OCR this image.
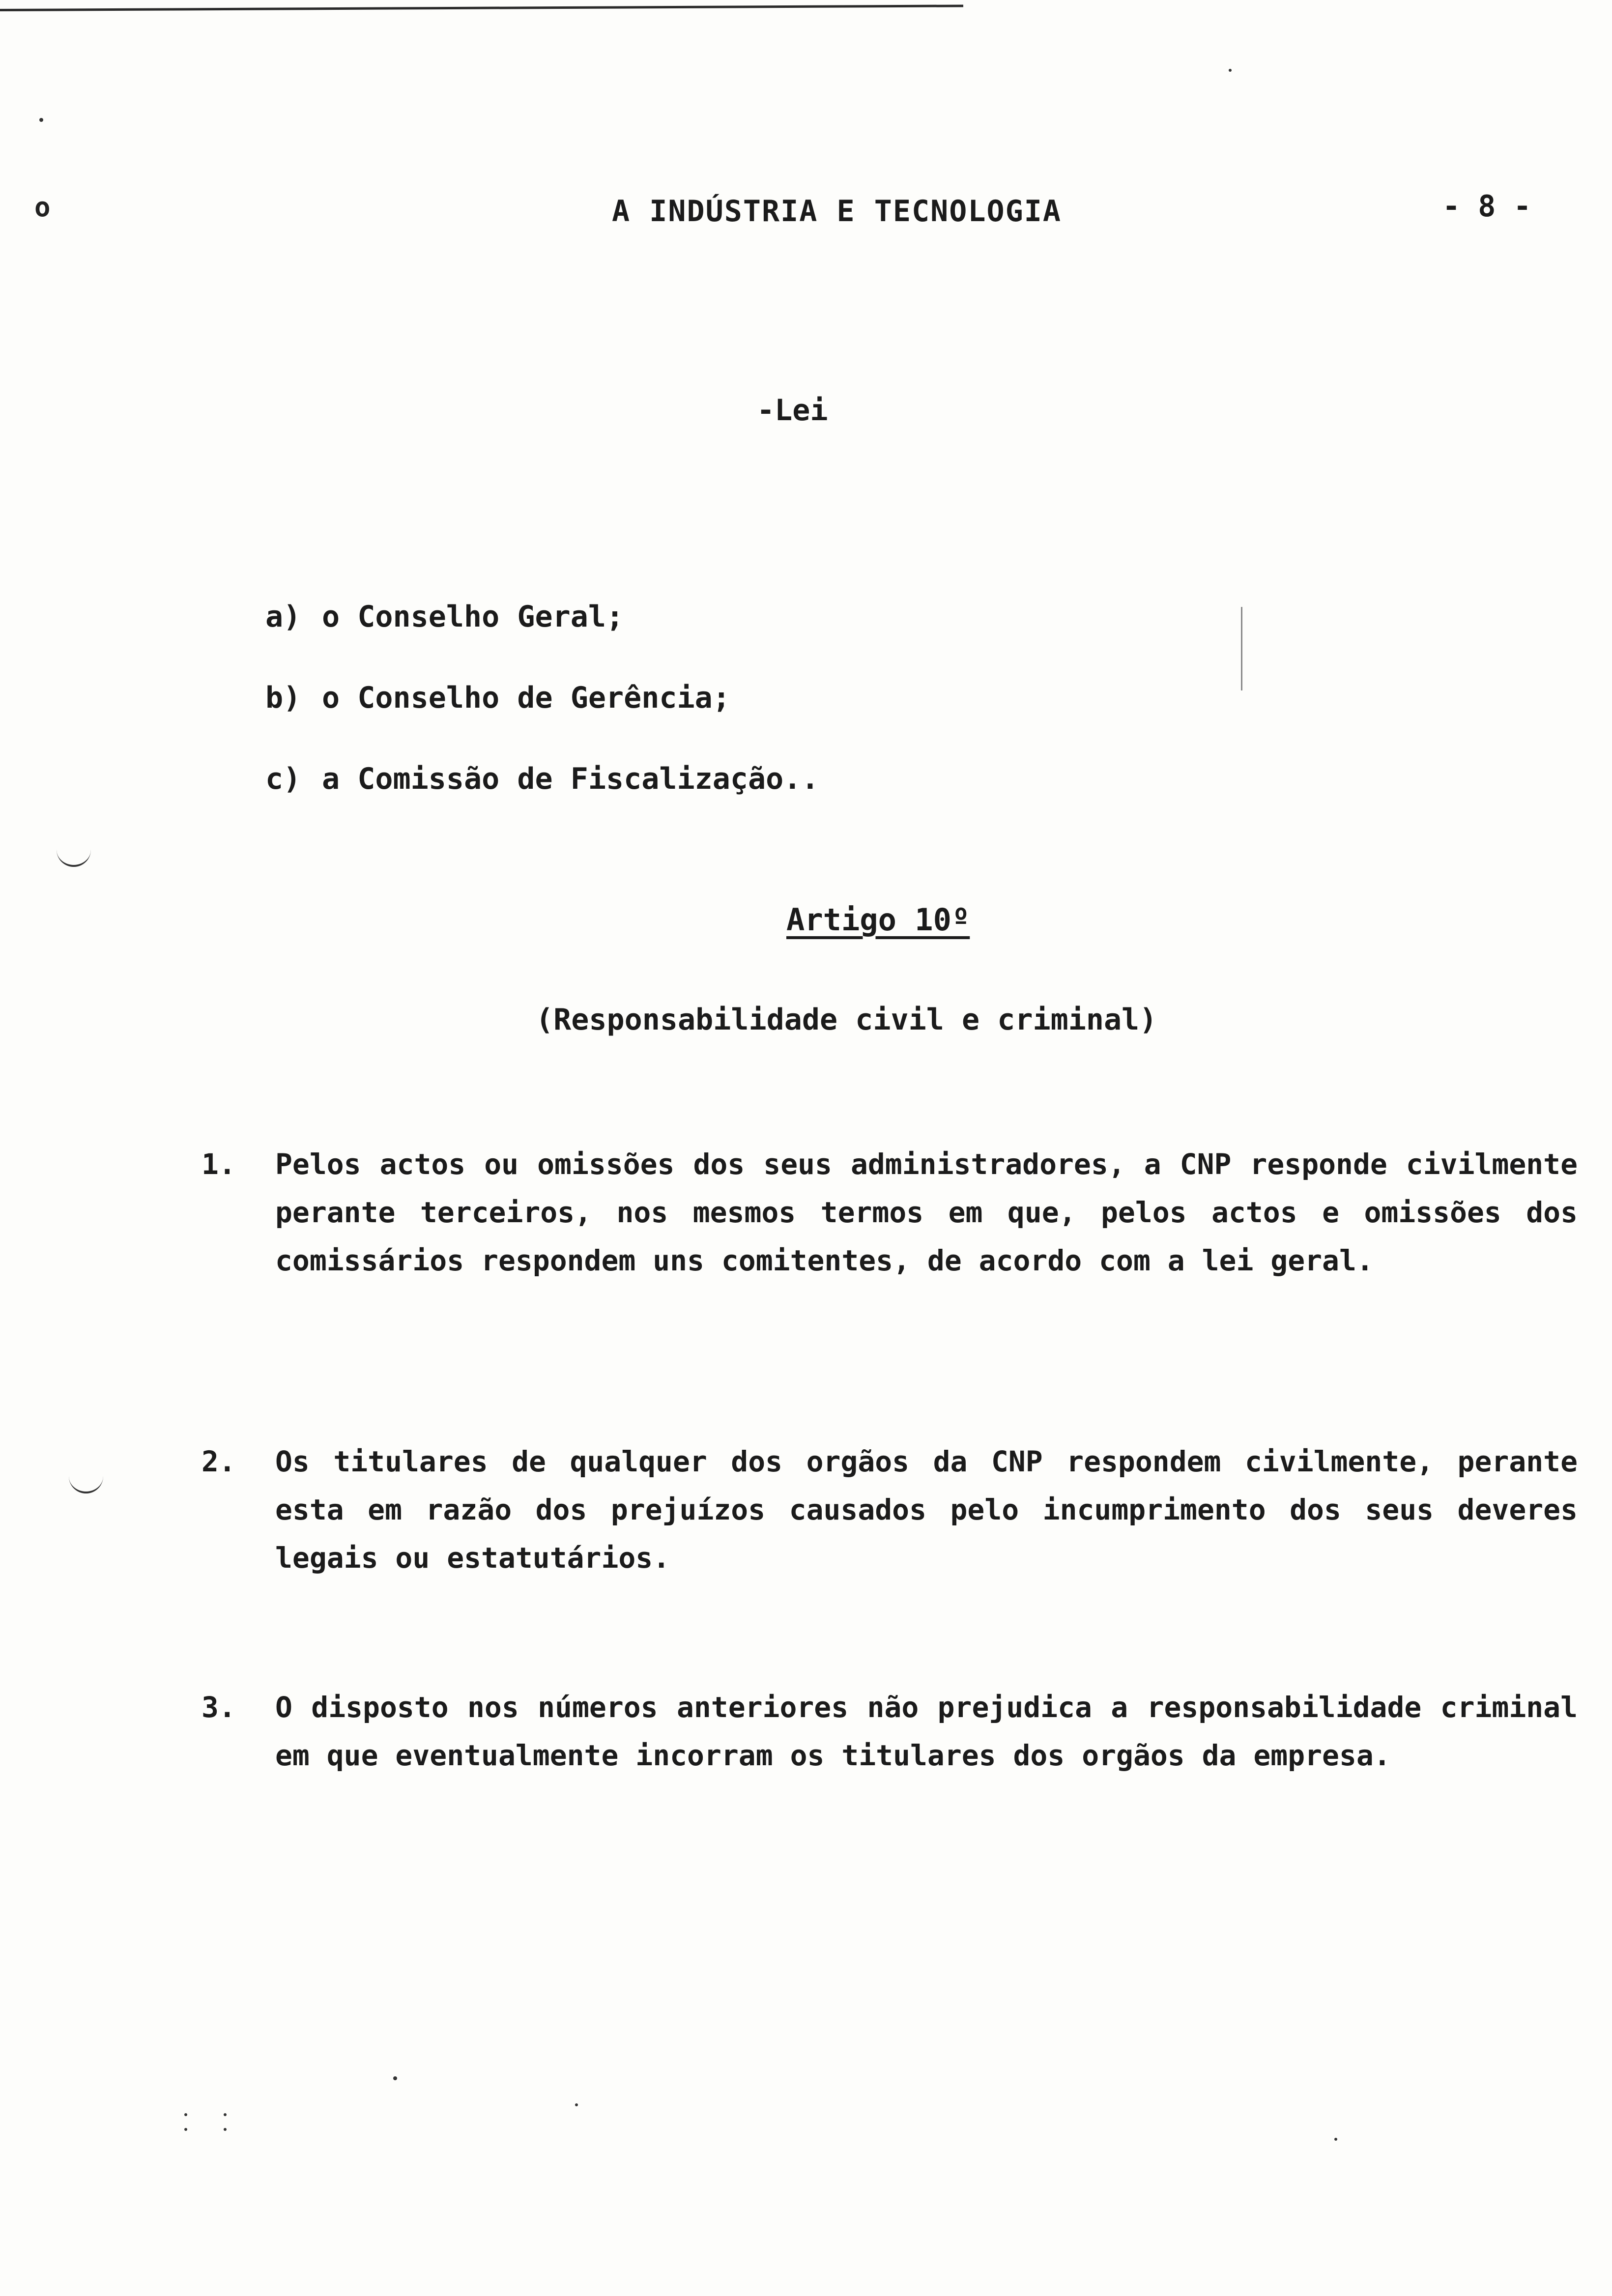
o	A INDÚSTRIA E TECNOLOGIA	- 8 -
-Lei
a) o Conselho Geral;
b) o Conselho de Gerência;
c) a Comissão de Fiscalização..
Artigo 10º
(Responsabilidade civil e criminal)
1. Pelos actos ou omissões dos seus administradores, a CNP responde civilmente perante terceiros, nos mesmos termos em que, pelos actos e omissões dos comissários respondem uns comitentes, de acordo com a lei geral.
2. Os titulares de qualquer dos orgãos da CNP respondem civilmente, perante esta em razão dos prejuízos causados pelo incumprimento dos seus deveres legais ou estatutários.
3. O disposto nos números anteriores não prejudica a responsabilidade criminal em que eventualmente incorram os titulares dos orgãos da empresa.
